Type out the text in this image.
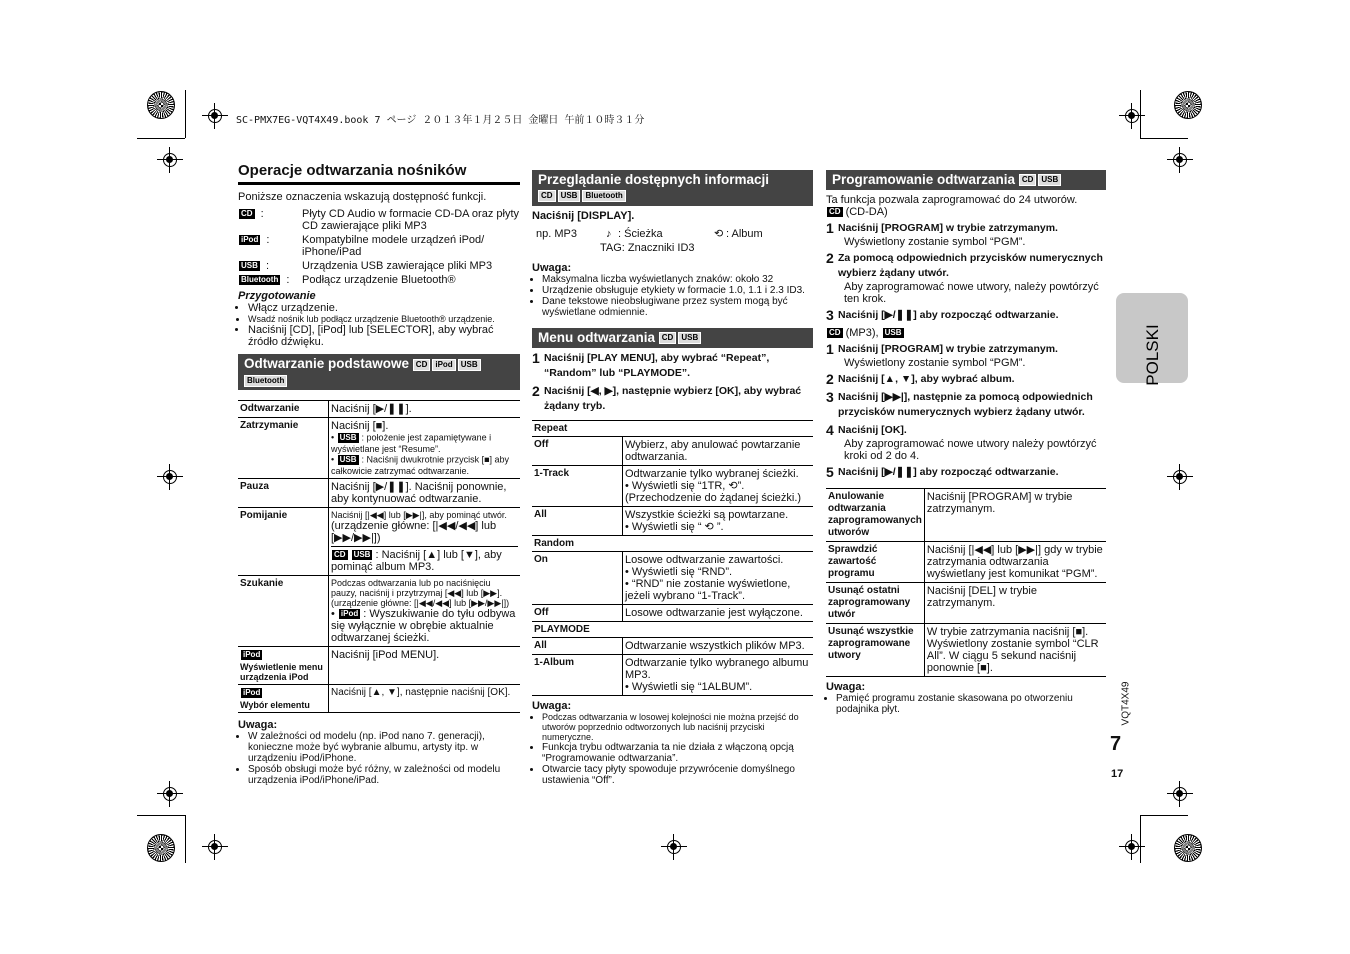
SC-PMX7EG-VQT4X49.book 7 ページ ２０１３年１月２５日 金曜日 午前１０時３１分
POLSKI
VQT4X49
7
17
Operacje odtwarzania nośników
Poniższe oznaczenia wskazują dostępność funkcji.
CD :	Płyty CD Audio w formacie CD-DA oraz płyty CD zawierające pliki MP3
iPod :	Kompatybilne modele urządzeń iPod/ iPhone/iPad
USB :	Urządzenia USB zawierające pliki MP3
Bluetooth :	Podłącz urządzenie Bluetooth®
Przygotowanie
• Włącz urządzenie.
• Wsadź nośnik lub podłącz urządzenie Bluetooth® urządzenie.
• Naciśnij [CD], [iPod] lub [SELECTOR], aby wybrać źródło dźwięku.
Odtwarzanie podstawowe CD iPod USB
Bluetooth
Odtwarzanie	Naciśnij [▶/❚❚].
Zatrzymanie	Naciśnij [■].
• USB : położenie jest zapamiętywane i wyświetlane jest “Resume”.
• USB : Naciśnij dwukrotnie przycisk [■] aby całkowicie zatrzymać odtwarzanie.

Pauza	Naciśnij [▶/❚❚]. Naciśnij ponownie, aby kontynuować odtwarzanie.
Pomijanie	Naciśnij [|◀◀] lub [▶▶|], aby pominąć utwór.
(urządzenie główne: [|◀◀/◀◀] lub [▶▶/▶▶|])
CD USB : Naciśnij [▲] lub [▼], aby pominąć album MP3.

Szukanie	Podczas odtwarzania lub po naciśnięciu pauzy, naciśnij i przytrzymaj [◀◀] lub [▶▶]. (urządzenie główne: [|◀◀/◀◀] lub [▶▶/▶▶|])
• iPod : Wyszukiwanie do tyłu odbywa się wyłącznie w obrębie aktualnie odtwarzanej ścieżki.

iPod
Wyświetlenie menu urządzenia iPod	Naciśnij [iPod MENU].
iPod
Wybór elementu	Naciśnij [▲, ▼], następnie naciśnij [OK].
Uwaga:
• W zależności od modelu (np. iPod nano 7. generacji), konieczne może być wybranie albumu, artysty itp. w urządzeniu iPod/iPhone.
• Sposób obsługi może być różny, w zależności od modelu urządzenia iPod/iPhone/iPad.
Przeglądanie dostępnych informacji
CD USB Bluetooth
Naciśnij [DISPLAY].
np. MP3	♪ : Ścieżka	⟲ : Album
TAG: Znaczniki ID3
Uwaga:
• Maksymalna liczba wyświetlanych znaków: około 32
• Urządzenie obsługuje etykiety w formacie 1.0, 1.1 i 2.3 ID3.
• Dane tekstowe nieobsługiwane przez system mogą być wyświetlane odmiennie.
Menu odtwarzania CD USB
1 Naciśnij [PLAY MENU], aby wybrać “Repeat”, “Random” lub “PLAYMODE”.
2 Naciśnij [◀, ▶], następnie wybierz [OK], aby wybrać żądany tryb.
Repeat	
Off	Wybierz, aby anulować powtarzanie odtwarzania.
1-Track	Odtwarzanie tylko wybranej ścieżki.
• Wyświetli się “1TR, ⟲”.
(Przechodzenie do żądanej ścieżki.)

All	Wszystkie ścieżki są powtarzane.
• Wyświetli się “ ⟲ ”.

Random	
On	Losowe odtwarzanie zawartości.
• Wyświetli się “RND”.
• “RND” nie zostanie wyświetlone, jeżeli wybrano “1-Track”.

Off	Losowe odtwarzanie jest wyłączone.
PLAYMODE	
All	Odtwarzanie wszystkich plików MP3.
1-Album	Odtwarzanie tylko wybranego albumu MP3.
• Wyświetli się “1ALBUM”.
Uwaga:
• Podczas odtwarzania w losowej kolejności nie można przejść do utworów poprzednio odtworzonych lub naciśnij przyciski numeryczne.
• Funkcja trybu odtwarzania ta nie działa z włączoną opcją “Programowanie odtwarzania”.
• Otwarcie tacy płyty spowoduje przywrócenie domyślnego ustawienia “Off”.
Programowanie odtwarzania CD USB
Ta funkcja pozwala zaprogramować do 24 utworów.
CD (CD-DA)
1 Naciśnij [PROGRAM] w trybie zatrzymanym.
Wyświetlony zostanie symbol “PGM”.
2 Za pomocą odpowiednich przycisków numerycznych wybierz żądany utwór.
Aby zaprogramować nowe utwory, należy powtórzyć ten krok.
3 Naciśnij [▶/❚❚] aby rozpocząć odtwarzanie.
CD (MP3), USB
1 Naciśnij [PROGRAM] w trybie zatrzymanym.
Wyświetlony zostanie symbol “PGM”.
2 Naciśnij [▲, ▼], aby wybrać album.
3 Naciśnij [▶▶|], następnie za pomocą odpowiednich przycisków numerycznych wybierz żądany utwór.
4 Naciśnij [OK].
Aby zaprogramować nowe utwory należy powtórzyć kroki od 2 do 4.
5 Naciśnij [▶/❚❚] aby rozpocząć odtwarzanie.
Anulowanie odtwarzania zaprogramowanych utworów	Naciśnij [PROGRAM] w trybie zatrzymanym.
Sprawdzić zawartość programu	Naciśnij [|◀◀] lub [▶▶|] gdy w trybie zatrzymania odtwarzania wyświetlany jest komunikat “PGM”.
Usunąć ostatni zaprogramowany utwór	Naciśnij [DEL] w trybie zatrzymanym.
Usunąć wszystkie zaprogramowane utwory	W trybie zatrzymania naciśnij [■]. Wyświetlony zostanie symbol “CLR All”. W ciągu 5 sekund naciśnij ponownie [■].
Uwaga:
• Pamięć programu zostanie skasowana po otworzeniu podajnika płyt.
